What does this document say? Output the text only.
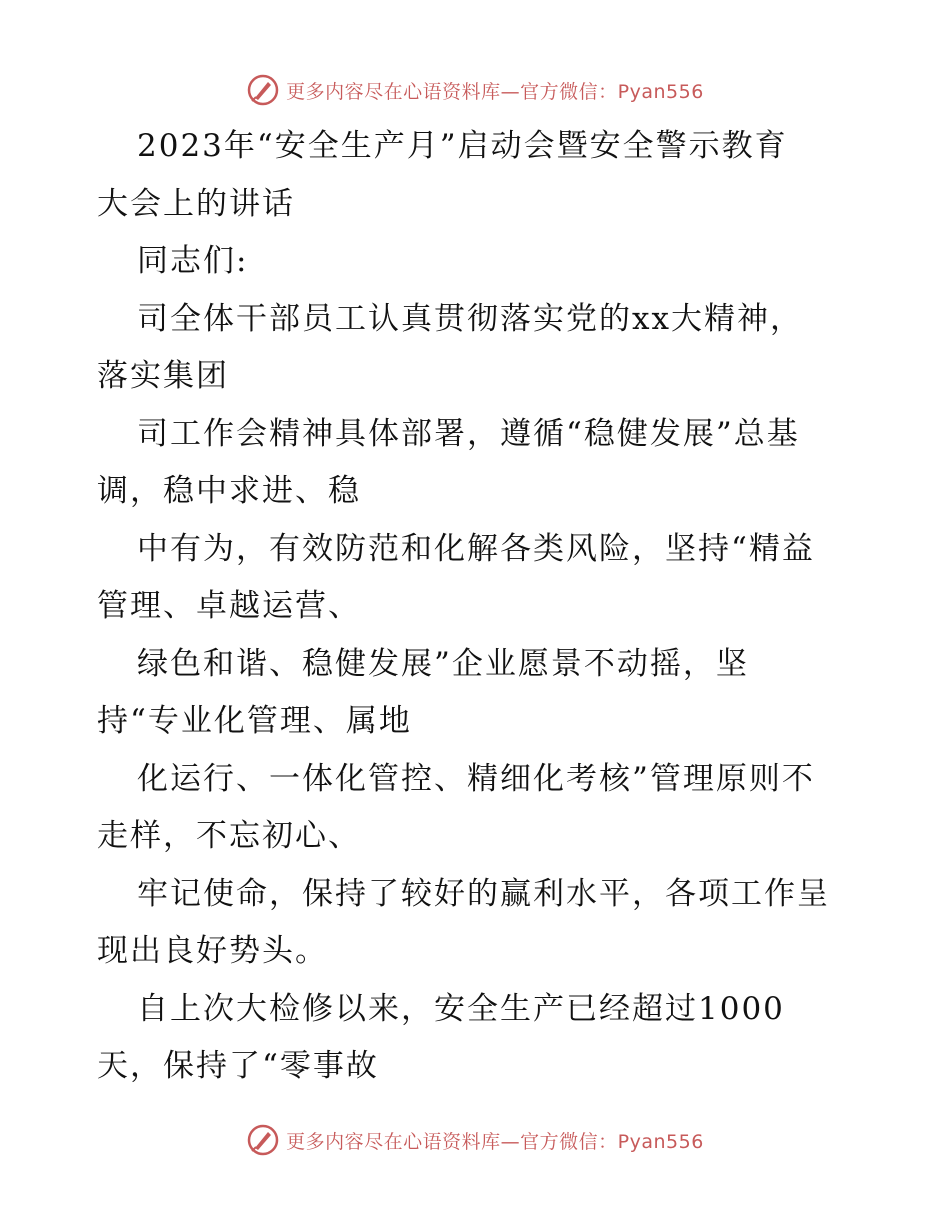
更多内容尽在心语资料库—官方微信：Pyan556
2023年“安全生产月”启动会暨安全警示教育
大会上的讲话
同志们:
司全体干部员工认真贯彻落实党的xx大精神，
落实集团
司工作会精神具体部署，遵循“稳健发展”总基
调，稳中求进、稳
中有为，有效防范和化解各类风险，坚持“精益
管理、卓越运营、
绿色和谐、稳健发展”企业愿景不动摇，坚
持“专业化管理、属地
化运行、一体化管控、精细化考核”管理原则不
走样，不忘初心、
牢记使命，保持了较好的赢利水平，各项工作呈
现出良好势头。
自上次大检修以来，安全生产已经超过1000
天，保持了“零事故
更多内容尽在心语资料库—官方微信：Pyan556
